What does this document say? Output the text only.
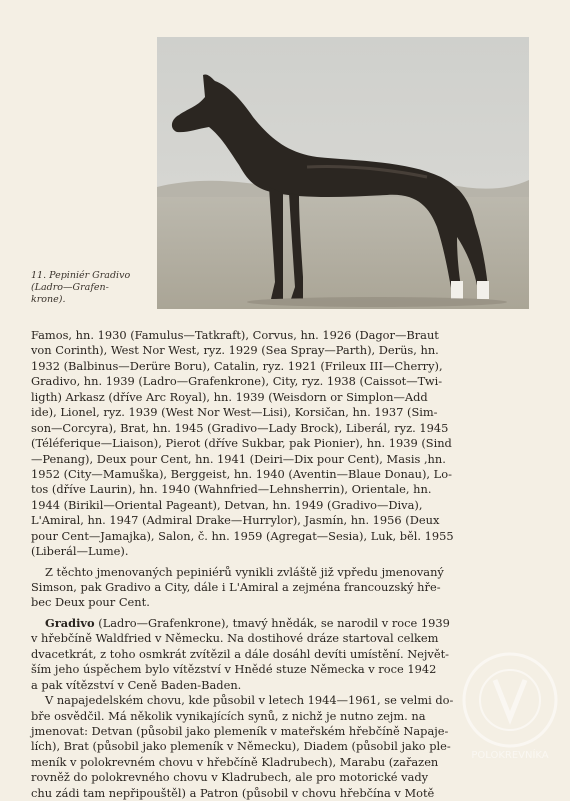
11. Pepiniér Gradivo
(Ladro—Grafen-
krone).
Famos, hn. 1930 (Famulus—Tatkraft), Corvus, hn. 1926 (Dagor—Braut
von Corinth), West Nor West, ryz. 1929 (Sea Spray—Parth), Derüs, hn.
1932 (Balbinus—Derüre Boru), Catalin, ryz. 1921 (Frileux III—Cherry),
Gradivo, hn. 1939 (Ladro—Grafenkrone), City, ryz. 1938 (Caissot—Twi-
ligth) Arkasz (dříve Arc Royal), hn. 1939 (Weisdorn or Simplon—Add
ide), Lionel, ryz. 1939 (West Nor West—Lisi), Korsičan, hn. 1937 (Sim-
son—Corcyra), Brat, hn. 1945 (Gradivo—Lady Brock), Liberál, ryz. 1945
(Téléferique—Liaison), Pierot (dříve Sukbar, pak Pionier), hn. 1939 (Sind
—Penang), Deux pour Cent, hn. 1941 (Deiri—Dix pour Cent), Masis ,hn.
1952 (City—Mamuška), Berggeist, hn. 1940 (Aventin—Blaue Donau), Lo-
tos (dříve Laurin), hn. 1940 (Wahnfried—Lehnsherrin), Orientale, hn.
1944 (Birikil—Oriental Pageant), Detvan, hn. 1949 (Gradivo—Diva),
L'Amiral, hn. 1947 (Admiral Drake—Hurrylor), Jasmín, hn. 1956 (Deux
pour Cent—Jamajka), Salon, č. hn. 1959 (Agregat—Sesia), Luk, běl. 1955
(Liberál—Lume).
Z těchto jmenovaných pepiniérů vynikli zvláště již vpředu jmenovaný
Simson, pak Gradivo a City, dále i L'Amiral a zejména francouzský hře-
bec Deux pour Cent.
Gradivo (Ladro—Grafenkrone), tmavý hnědák, se narodil v roce 1939
v hřebčíně Waldfried v Německu. Na dostihové dráze startoval celkem
dvacetkrát, z toho osmkrát zvítězil a dále dosáhl devíti umístění. Největ-
ším jeho úspěchem bylo vítězství v Hnědé stuze Německa v roce 1942
a pak vítězství v Ceně Baden-Baden.
V napajedelském chovu, kde působil v letech 1944—1961, se velmi do-
bře osvědčil. Má několik vynikajících synů, z nichž je nutno zejm. na
jmenovat: Detvan (působil jako plemeník v mateřském hřebčíně Napaje-
lích), Brat (působil jako plemeník v Německu), Diadem (působil jako ple-
meník v polokrevném chovu v hřebčíně Kladrubech), Marabu (zařazen
rovněž do polokrevného chovu v Kladrubech, ale pro motorické vady
chu zádi tam nepřipouštěl) a Patron (působil v chovu hřebčína v Motě
POLOKREVNÍKA
